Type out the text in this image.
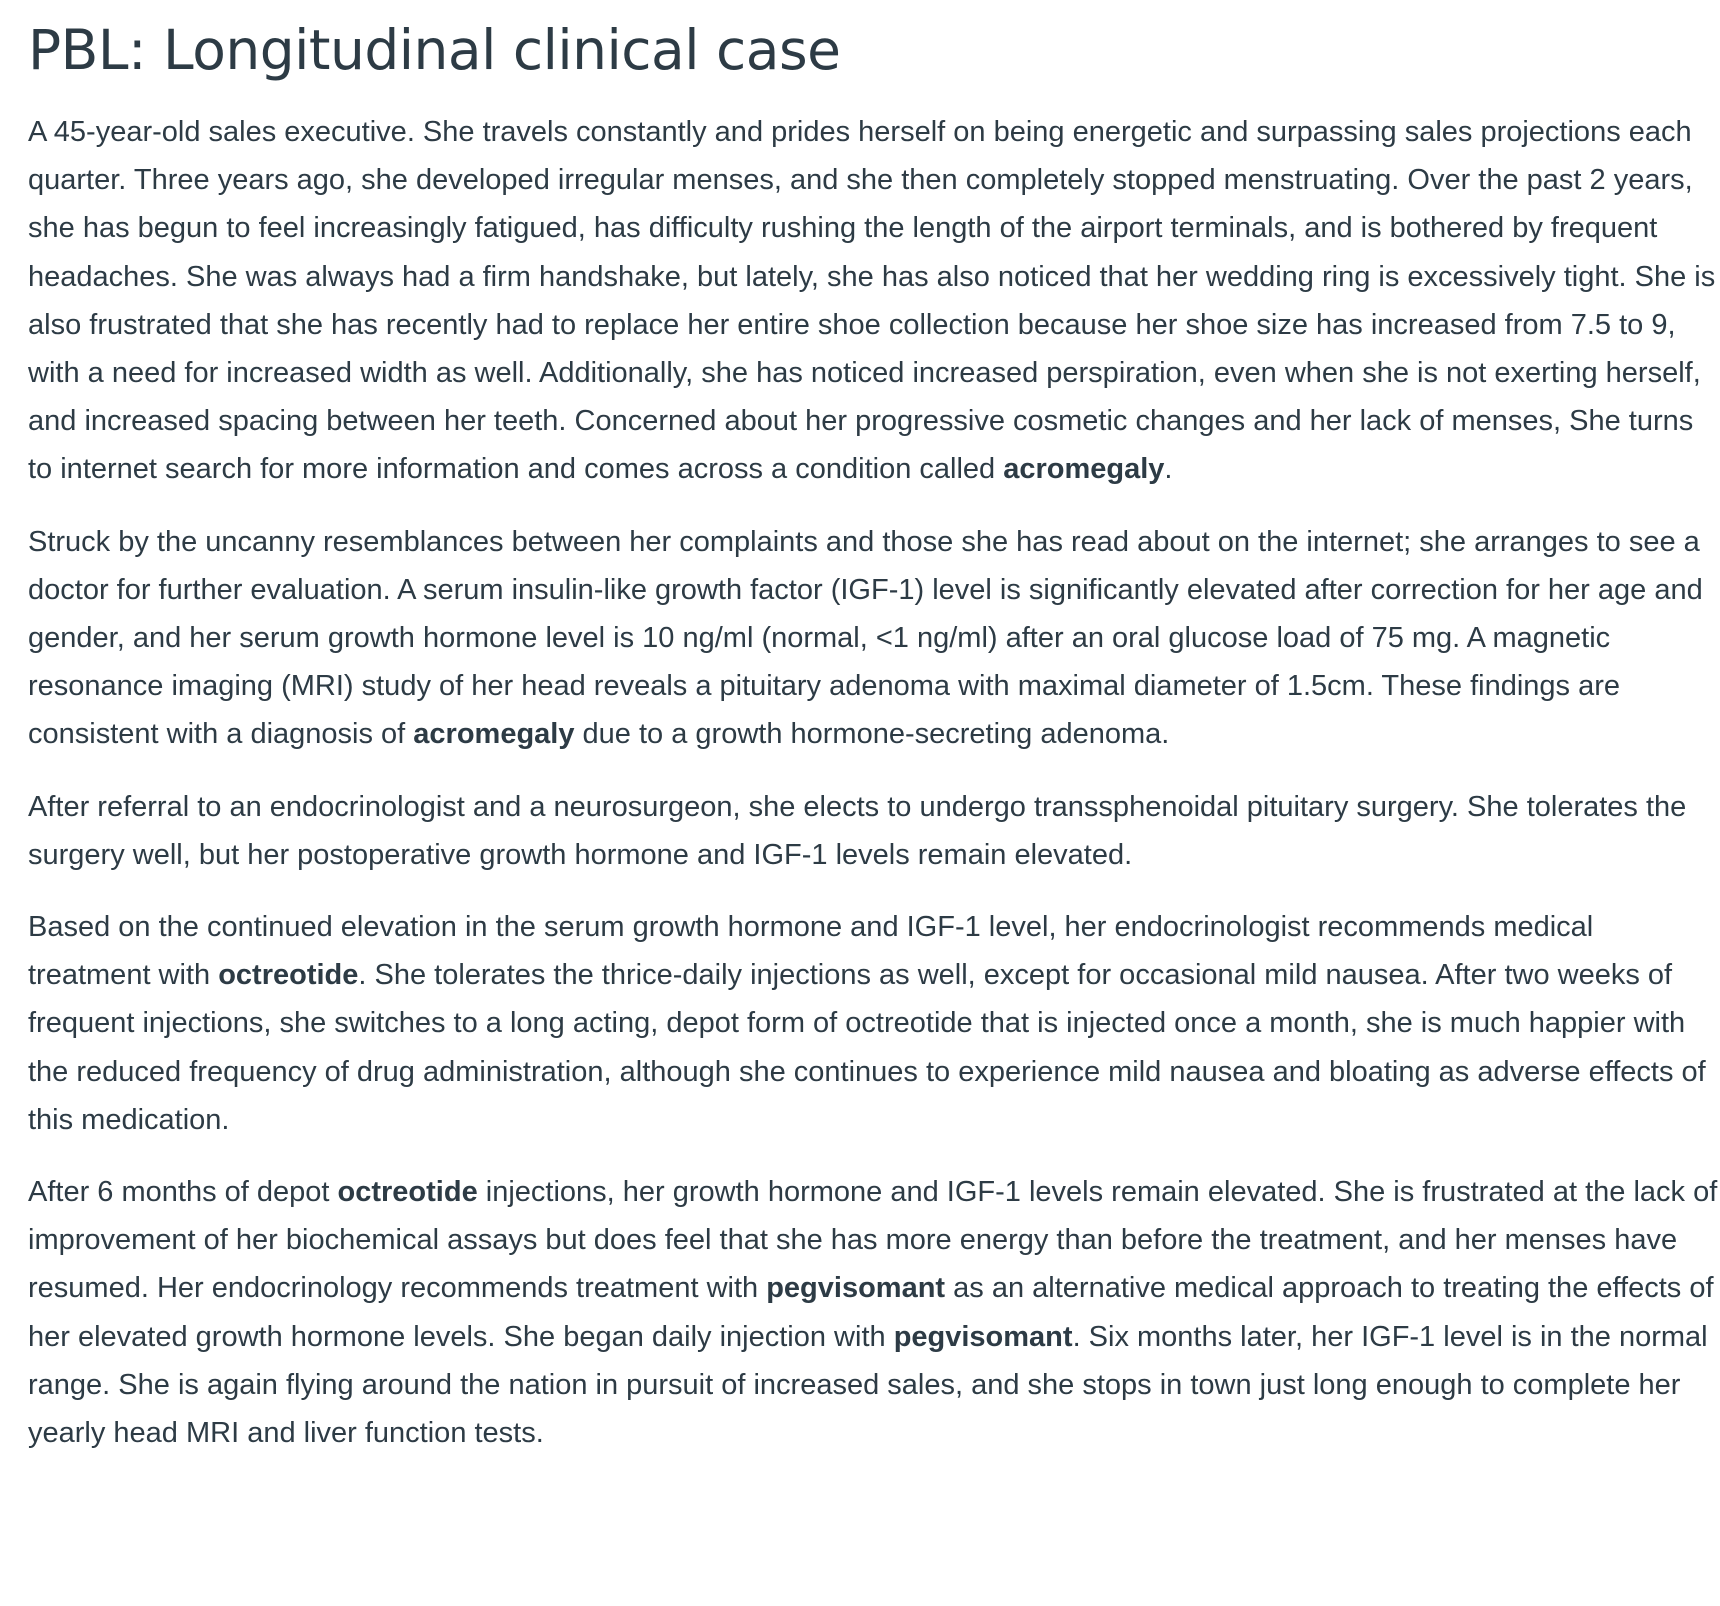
PBL: Longitudinal clinical case

A 45-year-old sales executive. She travels constantly and prides herself on being energetic and surpassing sales projections each quarter. Three years ago, she developed irregular menses, and she then completely stopped menstruating. Over the past 2 years, she has begun to feel increasingly fatigued, has difficulty rushing the length of the airport terminals, and is bothered by frequent headaches. She was always had a firm handshake, but lately, she has also noticed that her wedding ring is excessively tight. She is also frustrated that she has recently had to replace her entire shoe collection because her shoe size has increased from 7.5 to 9, with a need for increased width as well. Additionally, she has noticed increased perspiration, even when she is not exerting herself, and increased spacing between her teeth. Concerned about her progressive cosmetic changes and her lack of menses, She turns to internet search for more information and comes across a condition called acromegaly.

Struck by the uncanny resemblances between her complaints and those she has read about on the internet; she arranges to see a doctor for further evaluation. A serum insulin-like growth factor (IGF-1) level is significantly elevated after correction for her age and gender, and her serum growth hormone level is 10 ng/ml (normal, <1 ng/ml) after an oral glucose load of 75 mg. A magnetic resonance imaging (MRI) study of her head reveals a pituitary adenoma with maximal diameter of 1.5cm. These findings are consistent with a diagnosis of acromegaly due to a growth hormone-secreting adenoma.

After referral to an endocrinologist and a neurosurgeon, she elects to undergo transsphenoidal pituitary surgery. She tolerates the surgery well, but her postoperative growth hormone and IGF-1 levels remain elevated.

Based on the continued elevation in the serum growth hormone and IGF-1 level, her endocrinologist recommends medical treatment with octreotide. She tolerates the thrice-daily injections as well, except for occasional mild nausea. After two weeks of frequent injections, she switches to a long acting, depot form of octreotide that is injected once a month, she is much happier with the reduced frequency of drug administration, although she continues to experience mild nausea and bloating as adverse effects of this medication.

After 6 months of depot octreotide injections, her growth hormone and IGF-1 levels remain elevated. She is frustrated at the lack of improvement of her biochemical assays but does feel that she has more energy than before the treatment, and her menses have resumed. Her endocrinology recommends treatment with pegvisomant as an alternative medical approach to treating the effects of her elevated growth hormone levels. She began daily injection with pegvisomant. Six months later, her IGF-1 level is in the normal range. She is again flying around the nation in pursuit of increased sales, and she stops in town just long enough to complete her yearly head MRI and liver function tests.
